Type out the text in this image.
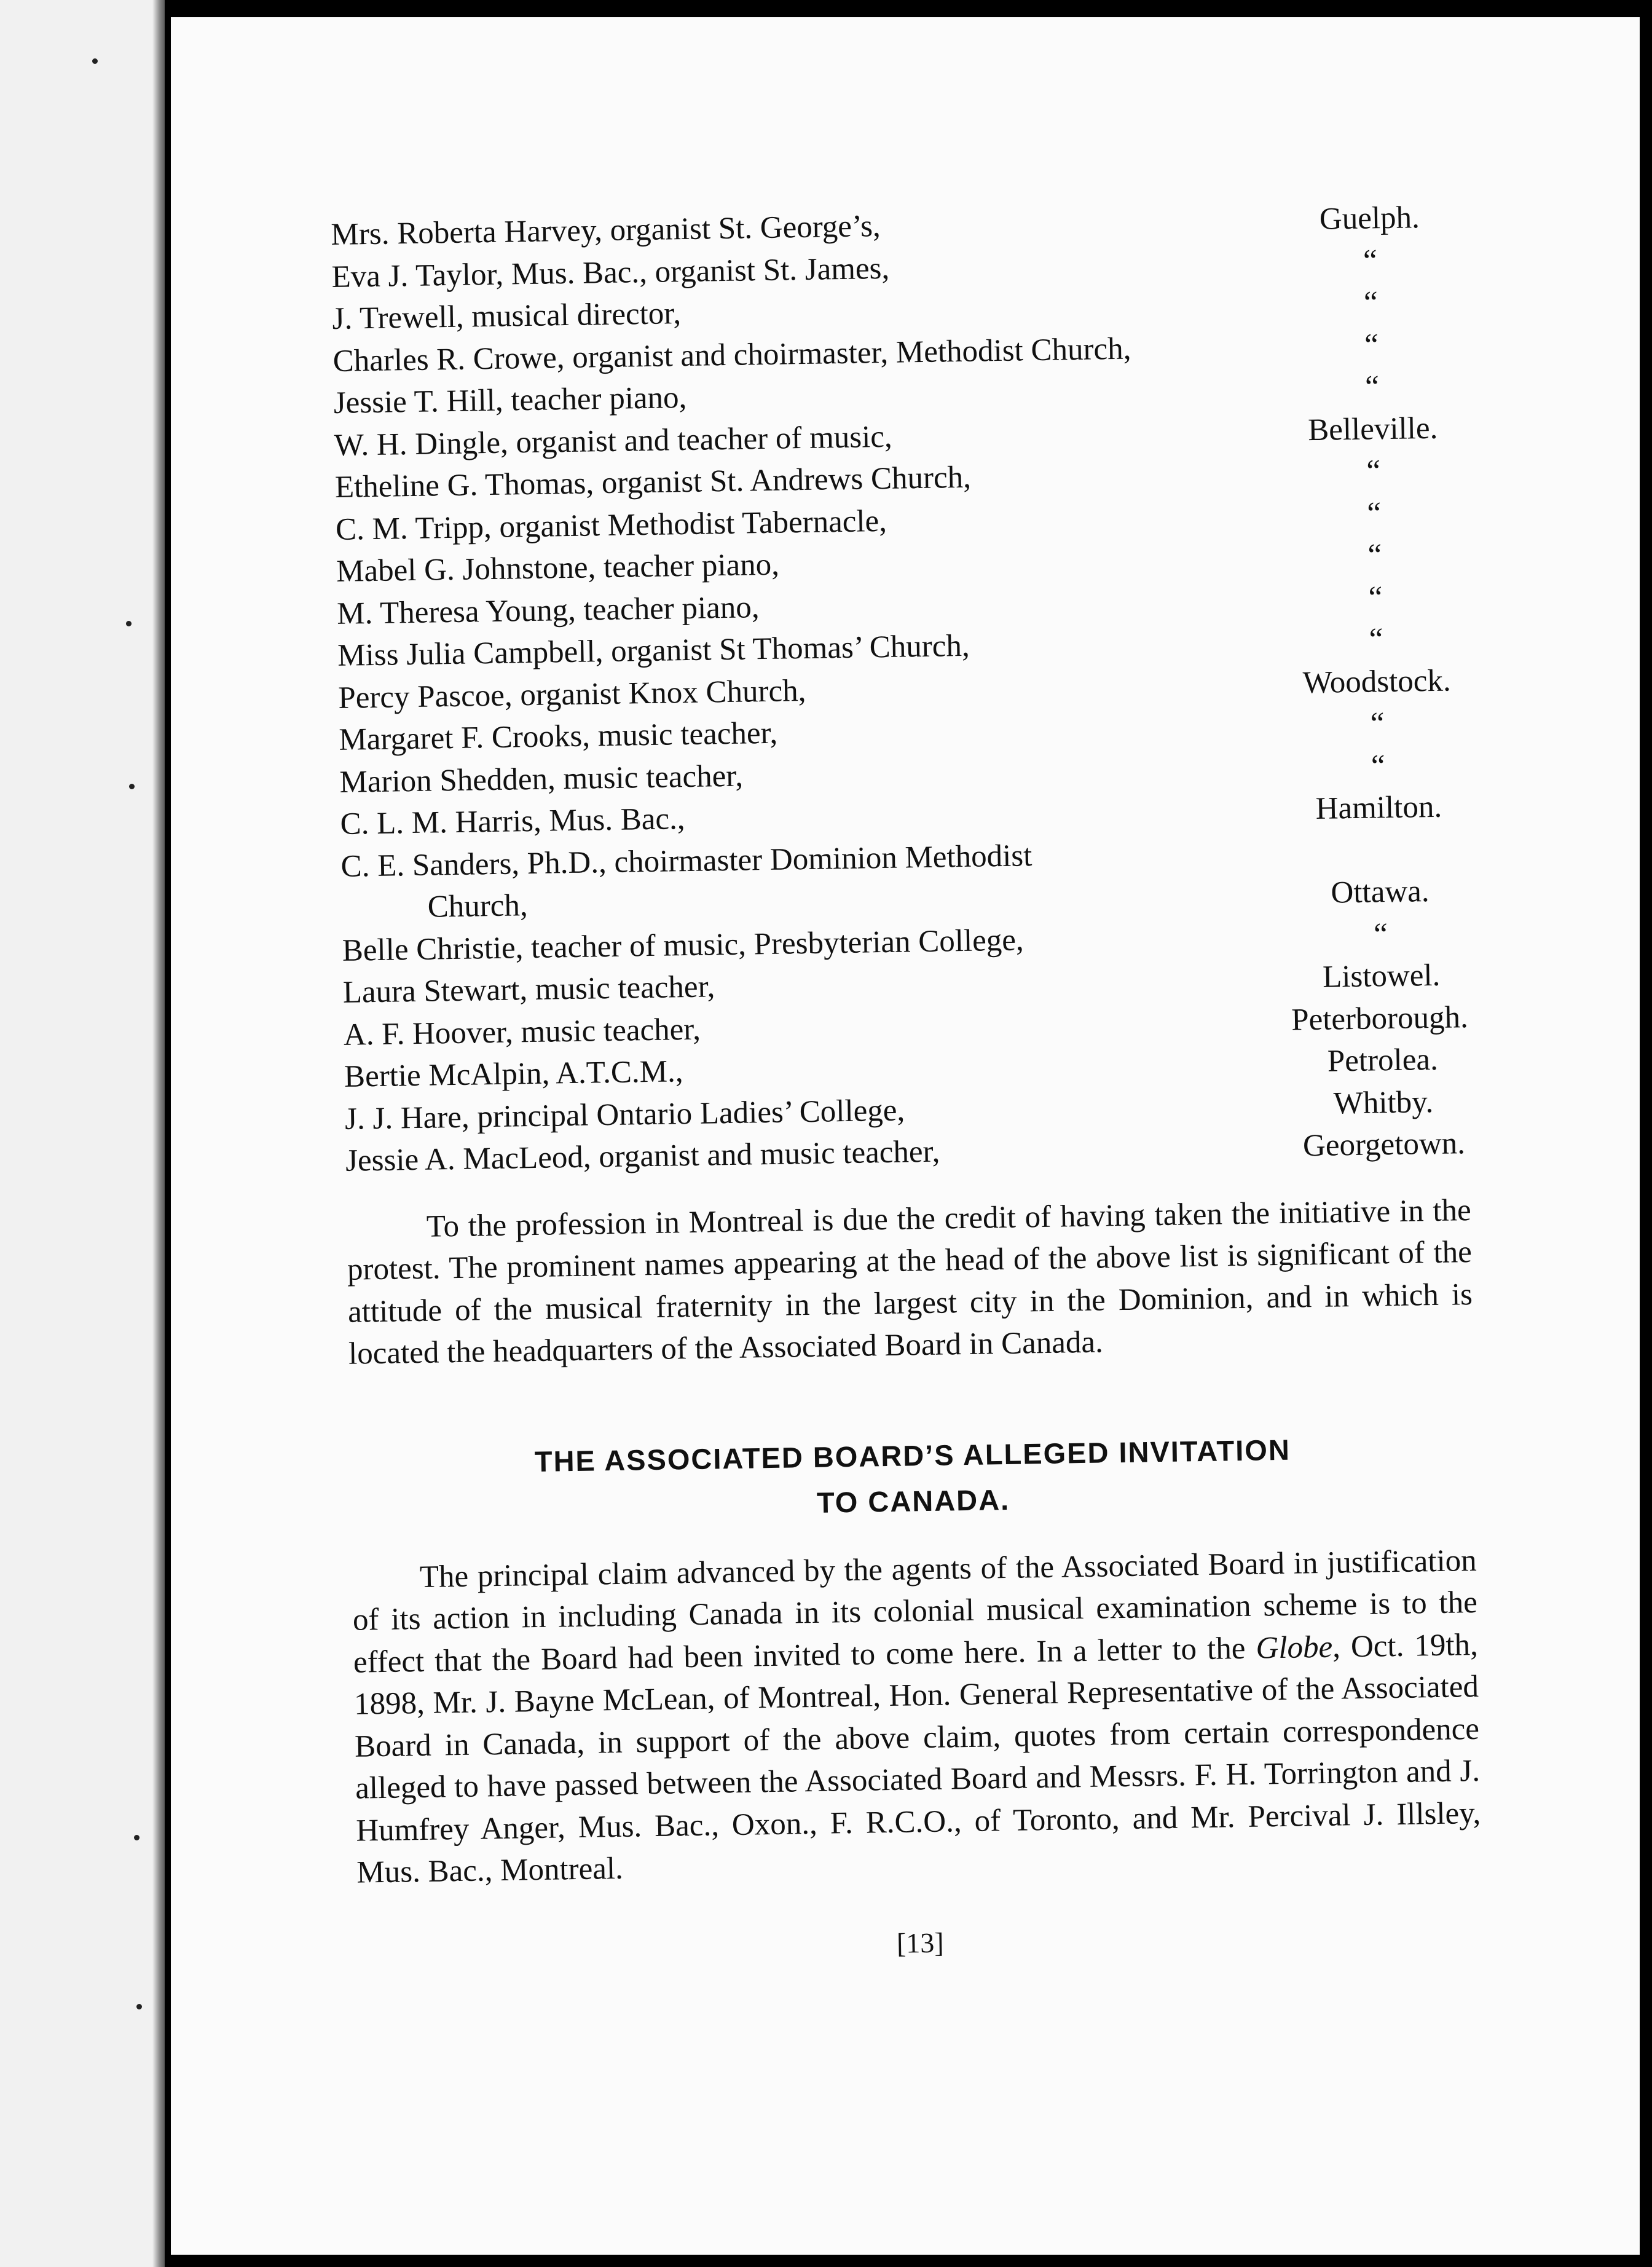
Mrs. Roberta Harvey, organist St. George’s,	Guelph.
Eva J. Taylor, Mus. Bac., organist St. James,	“
J. Trewell, musical director,	“
Charles R. Crowe, organist and choirmaster, Methodist Church,	“
Jessie T. Hill, teacher piano,	“
W. H. Dingle, organist and teacher of music,	Belleville.
Etheline G. Thomas, organist St. Andrews Church,	“
C. M. Tripp, organist Methodist Tabernacle,	“
Mabel G. Johnstone, teacher piano,	“
M. Theresa Young, teacher piano,	“
Miss Julia Campbell, organist St Thomas’ Church,	“
Percy Pascoe, organist Knox Church,	Woodstock.
Margaret F. Crooks, music teacher,	“
Marion Shedden, music teacher,	“
C. L. M. Harris, Mus. Bac.,	Hamilton.
C. E. Sanders, Ph.D., choirmaster Dominion Methodist
Church,	Ottawa.
Belle Christie, teacher of music, Presbyterian College,	“
Laura Stewart, music teacher,	Listowel.
A. F. Hoover, music teacher,	Peterborough.
Bertie McAlpin, A.T.C.M.,	Petrolea.
J. J. Hare, principal Ontario Ladies’ College,	Whitby.
Jessie A. MacLeod, organist and music teacher,	Georgetown.

To the profession in Montreal is due the credit of having taken the initiative in the protest. The prominent names appearing at the head of the above list is significant of the attitude of the musical fraternity in the largest city in the Dominion, and in which is located the headquarters of the Associated Board in Canada.

THE ASSOCIATED BOARD’S ALLEGED INVITATION
TO CANADA.

The principal claim advanced by the agents of the Associated Board in justification of its action in including Canada in its colonial musical examination scheme is to the effect that the Board had been invited to come here. In a letter to the Globe, Oct. 19th, 1898, Mr. J. Bayne McLean, of Montreal, Hon. General Representative of the Associated Board in Canada, in support of the above claim, quotes from certain correspondence alleged to have passed between the Associated Board and Messrs. F. H. Torrington and J. Humfrey Anger, Mus. Bac., Oxon., F. R.C.O., of Toronto, and Mr. Percival J. Illsley, Mus. Bac., Montreal.

[13]
